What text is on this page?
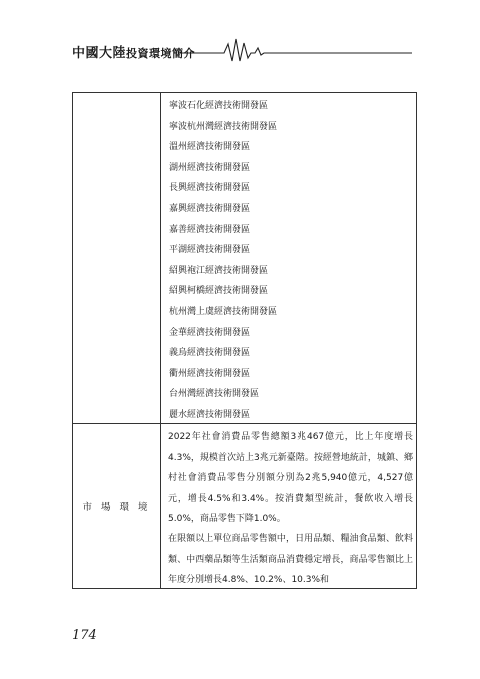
中國大陸投資環境簡介
寧波石化經濟技術開發區
寧波杭州灣經濟技術開發區
溫州經濟技術開發區
湖州經濟技術開發區
長興經濟技術開發區
嘉興經濟技術開發區
嘉善經濟技術開發區
平湖經濟技術開發區
紹興袍江經濟技術開發區
紹興柯橋經濟技術開發區
杭州灣上虞經濟技術開發區
金華經濟技術開發區
義烏經濟技術開發區
衢州經濟技術開發區
台州灣經濟技術開發區
麗水經濟技術開發區
市場環境

2022年社會消費品零售總額3兆467億元，比上年度增長4.3%，規模首次站上3兆元新臺階。按經營地統計，城鎮、鄉村社會消費品零售分別額分別為2兆5,940億元，4,527億元，增長4.5%和3.4%。按消費類型統計，餐飲收入增長5.0%，商品零售下降1.0%。

在限額以上單位商品零售額中，日用品類、糧油食品類、飲料類、中西藥品類等生活類商品消費穩定增長，商品零售額比上年度分別增長4.8%、10.2%、10.3%和

174
